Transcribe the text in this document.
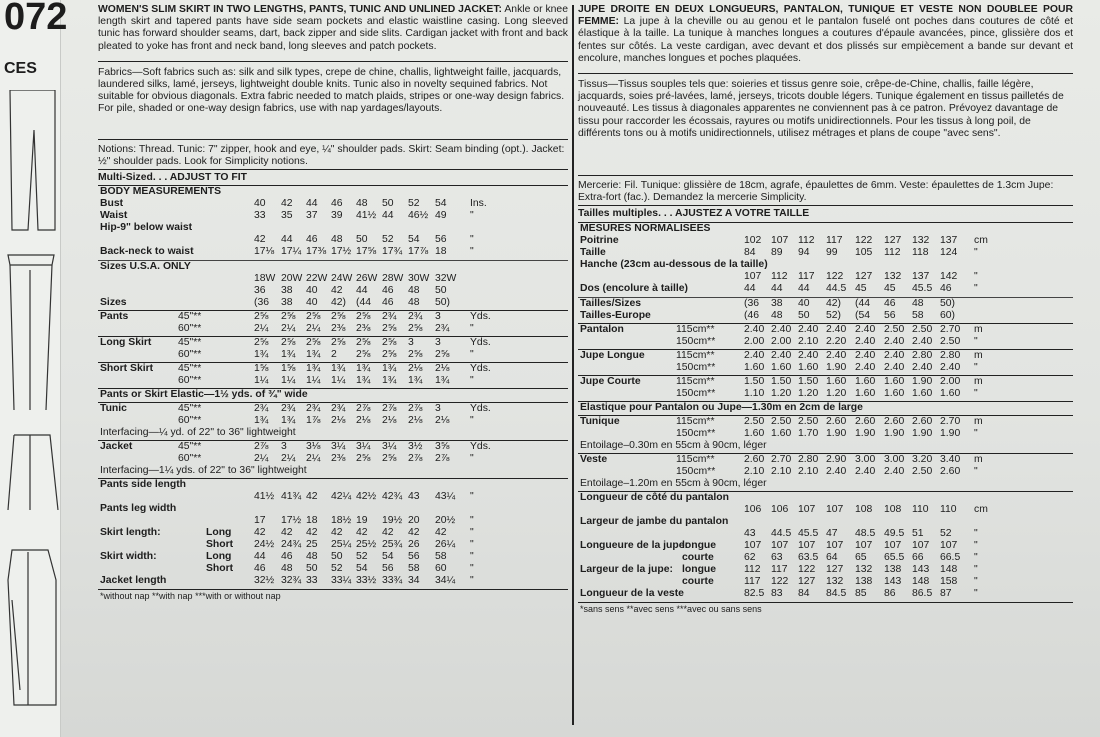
072
CES

WOMEN'S SLIM SKIRT IN TWO LENGTHS, PANTS, TUNIC AND UNLINED JACKET: Ankle or knee length skirt and tapered pants have side seam pockets and elastic waistline casing. Long sleeved tunic has forward shoulder seams, dart, back zipper and side slits. Cardigan jacket with front and back pleated to yoke has front and neck band, long sleeves and patch pockets.

Fabrics—Soft fabrics such as: silk and silk types, crepe de chine, challis, lightweight faille, jacquards, laundered silks, lamé, jerseys, lightweight double knits. Tunic also in novelty sequined fabrics. Not suitable for obvious diagonals. Extra fabric needed to match plaids, stripes or one-way design fabrics. For pile, shaded or one-way design fabrics, use with nap yardages/layouts.

Notions: Thread. Tunic: 7" zipper, hook and eye, ¼" shoulder pads. Skirt: Seam binding (opt.). Jacket: ½" shoulder pads. Look for Simplicity notions.

Multi-Sized. . . ADJUST TO FIT

BODY MEASUREMENTS
Bust	40 42 44 46 48 50 52 54 Ins.
Waist	33 35 37 39 41½ 44 46½ 49 "
Hip-9" below waist
42 44 46 48 50 52 54 56 "
Back-neck to waist	17⅛ 17¼ 17⅜ 17½ 17⅝ 17¾ 17⅞ 18 "
Sizes U.S.A. ONLY
18W 20W 22W 24W 26W 28W 30W 32W
36 38 40 42 44 46 48 50
Sizes	(36 38 40 42) (44 46 48 50)
Pants	45"**	2⅝ 2⅝ 2⅝ 2⅝ 2⅝ 2¾ 2¾ 3	Yds.
60"**	2¼ 2¼ 2¼ 2⅜ 2⅜ 2⅝ 2⅝ 2¾ "
Long Skirt	45"**	2⅝ 2⅝ 2⅝ 2⅝ 2⅝ 2⅝ 3 3	Yds.
60"**	1¾ 1¾ 1¾ 2 2⅝ 2⅝ 2⅝ 2⅝ "
Short Skirt 45"**	1⅝ 1⅝ 1¾ 1¾ 1¾ 1¾ 2⅛ 2⅛ Yds.
60"**	1¼ 1¼ 1¼ 1¼ 1¾ 1¾ 1¾ 1¾ "
Pants or Skirt Elastic—1½ yds. of ¾" wide
Tunic	45"**	2¾ 2¾ 2¾ 2¾ 2⅞ 2⅞ 2⅞ 3	Yds.
60"**	1¾ 1¾ 1⅞ 2⅛ 2⅛ 2⅛ 2⅛ 2⅛ "
Interfacing—¼ yd. of 22" to 36" lightweight
Jacket	45"**	2⅞ 3 3⅛ 3¼ 3¼ 3¼ 3½ 3⅝ Yds.
60"**	2¼ 2¼ 2¼ 2⅜ 2⅝ 2⅝ 2⅞ 2⅞ "
Interfacing—1¼ yds. of 22" to 36" lightweight
Pants side length
41½ 41¾ 42 42¼ 42½ 42¾ 43 43¼ "
Pants leg width
17 17½ 18 18½ 19 19½ 20 20½ "
Skirt length:	Long 42 42 42 42 42 42 42 42 "
Short 24½ 24¾ 25 25¼ 25½ 25¾ 26 26¼ "
Skirt width:	Long 44 46 48 50 52 54 56 58 "
Short 46 48 50 52 54 56 58 60 "
Jacket length	32½ 32¾ 33 33¼ 33½ 33¾ 34 34¼ "
*without nap **with nap ***with or without nap

JUPE DROITE EN DEUX LONGUEURS, PANTALON, TUNIQUE ET VESTE NON DOUBLEE POUR FEMME: La jupe à la cheville ou au genou et le pantalon fuselé ont poches dans coutures de côté et élastique à la taille. La tunique à manches longues a coutures d'épaule avancées, pince, glissière dos et fentes sur côtés. La veste cardigan, avec devant et dos plissés sur empiècement a bande sur devant et encolure, manches longues et poches plaquées.

Tissus—Tissus souples tels que: soieries et tissus genre soie, crêpe-de-Chine, challis, faille légère, jacquards, soies pré-lavées, lamé, jerseys, tricots double légers. Tunique également en tissus pailletés de nouveauté. Les tissus à diagonales apparentes ne conviennent pas à ce patron. Prévoyez davantage de tissu pour raccorder les écossais, rayures ou motifs unidirectionnels. Pour les tissus à long poil, de différents tons ou à motifs unidirectionnels, utilisez métrages et plans de coupe "avec sens".

Mercerie: Fil. Tunique: glissière de 18cm, agrafe, épaulettes de 6mm. Veste: épaulettes de 1.3cm Jupe: Extra-fort (fac.). Demandez la mercerie Simplicity.

Tailles multiples. . . AJUSTEZ A VOTRE TAILLE

MESURES NORMALISEES
Poitrine	102 107 112 117 122 127 132 137 cm
Taille	84 89 94 99 105 112 118 124 "
Hanche (23cm au-dessous de la taille)
107 112 117 122 127 132 137 142 "
Dos (encolure à taille)	44 44 44 44.5 45 45 45.5 46 "
Tailles/Sizes	(36 38 40 42) (44 46 48 50)
Tailles-Europe	(46 48 50 52) (54 56 58 60)
Pantalon	115cm**	2.40 2.40 2.40 2.40 2.40 2.50 2.50 2.70 m
150cm**	2.00 2.00 2.10 2.20 2.40 2.40 2.40 2.50 "
Jupe Longue	115cm**	2.40 2.40 2.40 2.40 2.40 2.40 2.80 2.80 m
150cm**	1.60 1.60 1.60 1.90 2.40 2.40 2.40 2.40 "
Jupe Courte	115cm**	1.50 1.50 1.50 1.60 1.60 1.60 1.90 2.00 m
150cm**	1.10 1.20 1.20 1.20 1.60 1.60 1.60 1.60 "
Elastique pour Pantalon ou Jupe—1.30m en 2cm de large
Tunique	115cm**	2.50 2.50 2.50 2.60 2.60 2.60 2.60 2.70 m
150cm**	1.60 1.60 1.70 1.90 1.90 1.90 1.90 1.90 "
Entoilage–0.30m en 55cm à 90cm, léger
Veste	115cm**	2.60 2.70 2.80 2.90 3.00 3.00 3.20 3.40 m
150cm**	2.10 2.10 2.10 2.40 2.40 2.40 2.50 2.60 "
Entoilage–1.20m en 55cm à 90cm, léger
Longueur de côté du pantalon
106 106 107 107 108 108 110 110 cm
Largeur de jambe du pantalon
43 44.5 45.5 47 48.5 49.5 51 52 "
Longueure de la jupe:
longue	107 107 107 107 107 107 107 107 "
courte	62 63 63.5 64 65 65.5 66 66.5 "
Largeur de la jupe: longue	112 117 122 127 132 138 143 148 "
courte	117 122 127 132 138 143 148 158 "
Longueur de la veste	82.5 83 84 84.5 85 86 86.5 87 "
*sans sens **avec sens ***avec ou sans sens
